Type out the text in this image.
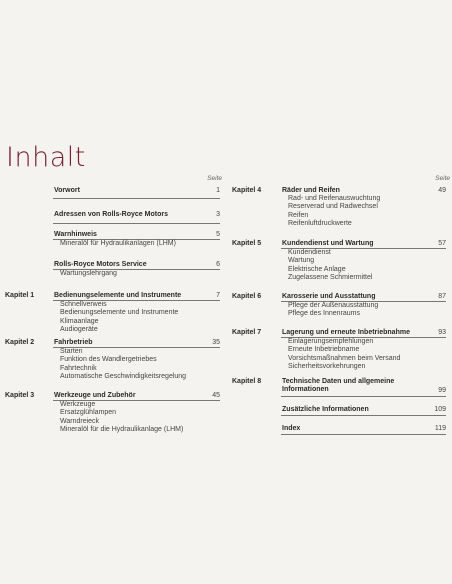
Inhalt
Seite
Vorwort	1
Adressen von Rolls-Royce Motors	3
Warnhinweis	5
Mineralöl für Hydraulikanlagen (LHM)
Rolls-Royce Motors Service	6
Wartungslehrgang
Kapitel 1	Bedienungselemente und Instrumente	7
Schnellverweis
Bedienungselemente und Instrumente
Klimaanlage
Audiogeräte
Kapitel 2	Fahrbetrieb	35
Starten
Funktion des Wandlergetriebes
Fahrtechnik
Automatische Geschwindigkeitsregelung
Kapitel 3	Werkzeuge und Zubehör	45
Werkzeuge
Ersatzglühlampen
Warndreieck
Mineralöl für die Hydraulikanlage (LHM)
Seite
Kapitel 4	Räder und Reifen	49
Rad- und Reifenauswuchtung
Reserverad und Radwechsel
Reifen
Reifenluftdruckwerte
Kapitel 5	Kundendienst und Wartung	57
Kundendienst
Wartung
Elektrische Anlage
Zugelassene Schmiermittel
Kapitel 6	Karosserie und Ausstattung	87
Pflege der Außenausstattung
Pflege des Innenraums
Kapitel 7	Lagerung und erneute Inbetriebnahme	93
Einlagerungsempfehlungen
Erneute Inbetriebname
Vorsichtsmaßnahmen beim Versand
Sicherheitsvorkehrungen
Kapitel 8	Technische Daten und allgemeine Informationen	99
Zusätzliche Informationen	109
Index	119
